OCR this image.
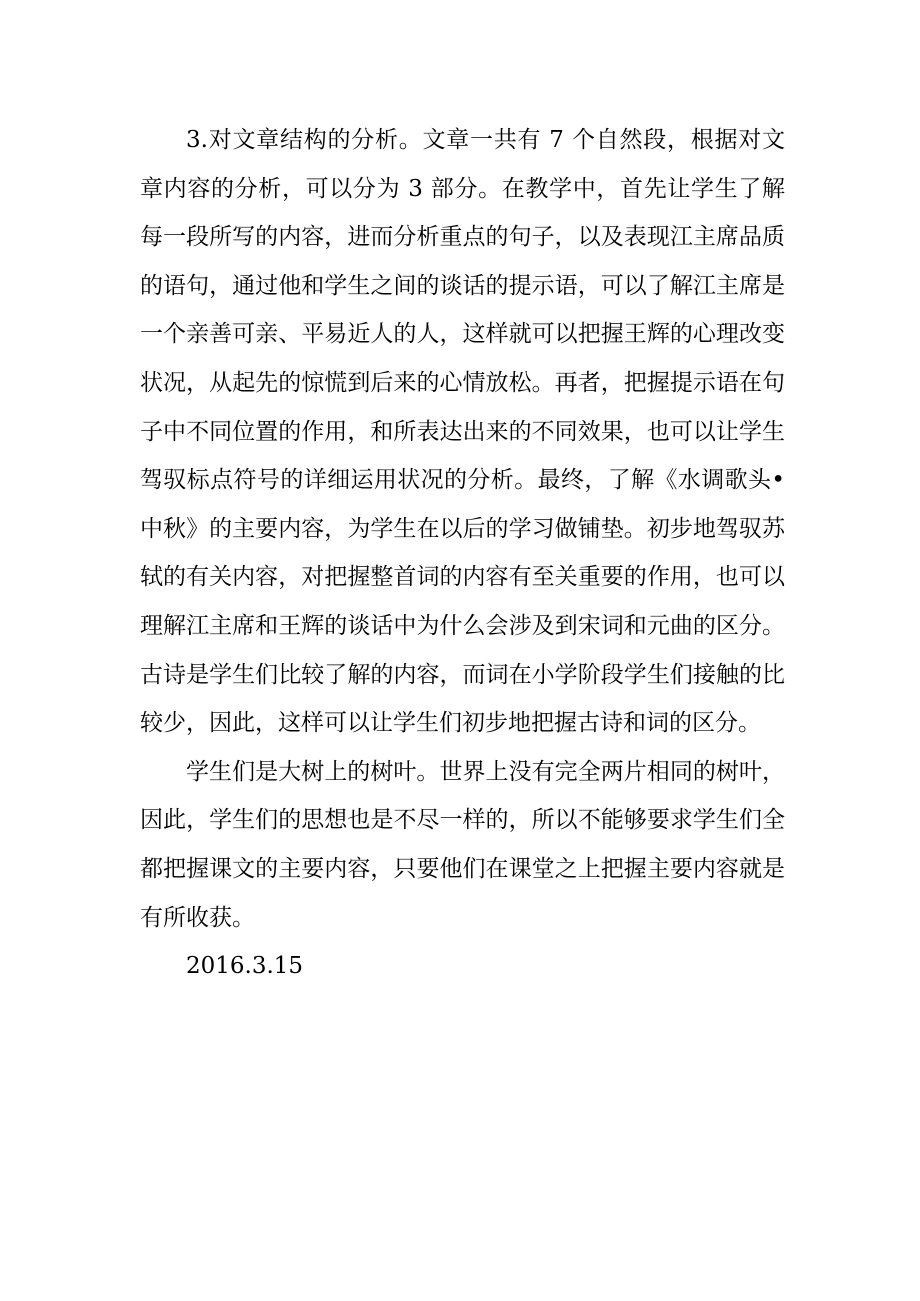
3.对文章结构的分析。文章一共有 7 个自然段，根据对文章内容的分析，可以分为 3 部分。在教学中，首先让学生了解每一段所写的内容，进而分析重点的句子，以及表现江主席品质的语句，通过他和学生之间的谈话的提示语，可以了解江主席是一个亲善可亲、平易近人的人，这样就可以把握王辉的心理改变状况，从起先的惊慌到后来的心情放松。再者，把握提示语在句子中不同位置的作用，和所表达出来的不同效果，也可以让学生驾驭标点符号的详细运用状况的分析。最终，了解《水调歌头•中秋》的主要内容，为学生在以后的学习做铺垫。初步地驾驭苏轼的有关内容，对把握整首词的内容有至关重要的作用，也可以理解江主席和王辉的谈话中为什么会涉及到宋词和元曲的区分。古诗是学生们比较了解的内容，而词在小学阶段学生们接触的比较少，因此，这样可以让学生们初步地把握古诗和词的区分。

学生们是大树上的树叶。世界上没有完全两片相同的树叶，因此，学生们的思想也是不尽一样的，所以不能够要求学生们全都把握课文的主要内容，只要他们在课堂之上把握主要内容就是有所收获。

2016.3.15
